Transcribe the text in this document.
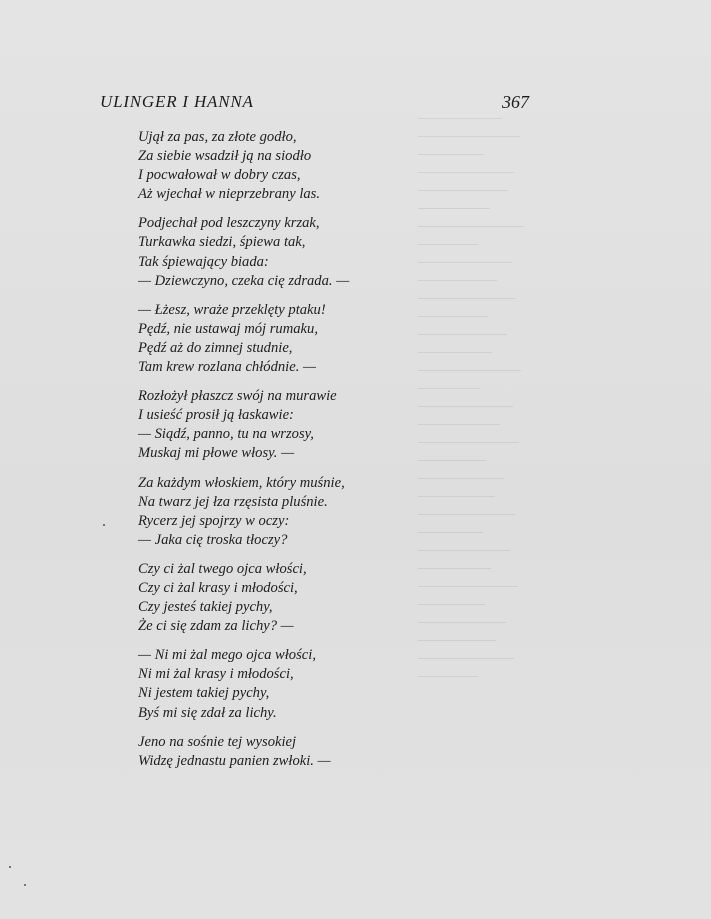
ULINGER I HANNA	367
Ujął za pas, za złote godło,
Za siebie wsadził ją na siodło
I pocwałował w dobry czas,
Aż wjechał w nieprzebrany las.
Podjechał pod leszczyny krzak,
Turkawka siedzi, śpiewa tak,
Tak śpiewający biada:
— Dziewczyno, czeka cię zdrada. —
— Łżesz, wraże przeklęty ptaku!
Pędź, nie ustawaj mój rumaku,
Pędź aż do zimnej studnie,
Tam krew rozlana chłódnie. —
Rozłożył płaszcz swój na murawie
I usieść prosił ją łaskawie:
— Siądź, panno, tu na wrzosy,
Muskaj mi płowe włosy. —
Za każdym włoskiem, który muśnie,
Na twarz jej łza rzęsista pluśnie.
Rycerz jej spojrzy w oczy:
— Jaka cię troska tłoczy?
Czy ci żal twego ojca włości,
Czy ci żal krasy i młodości,
Czy jesteś takiej pychy,
Że ci się zdam za lichy? —
— Ni mi żal mego ojca włości,
Ni mi żal krasy i młodości,
Ni jestem takiej pychy,
Byś mi się zdał za lichy.
Jeno na sośnie tej wysokiej
Widzę jednastu panien zwłoki. —
